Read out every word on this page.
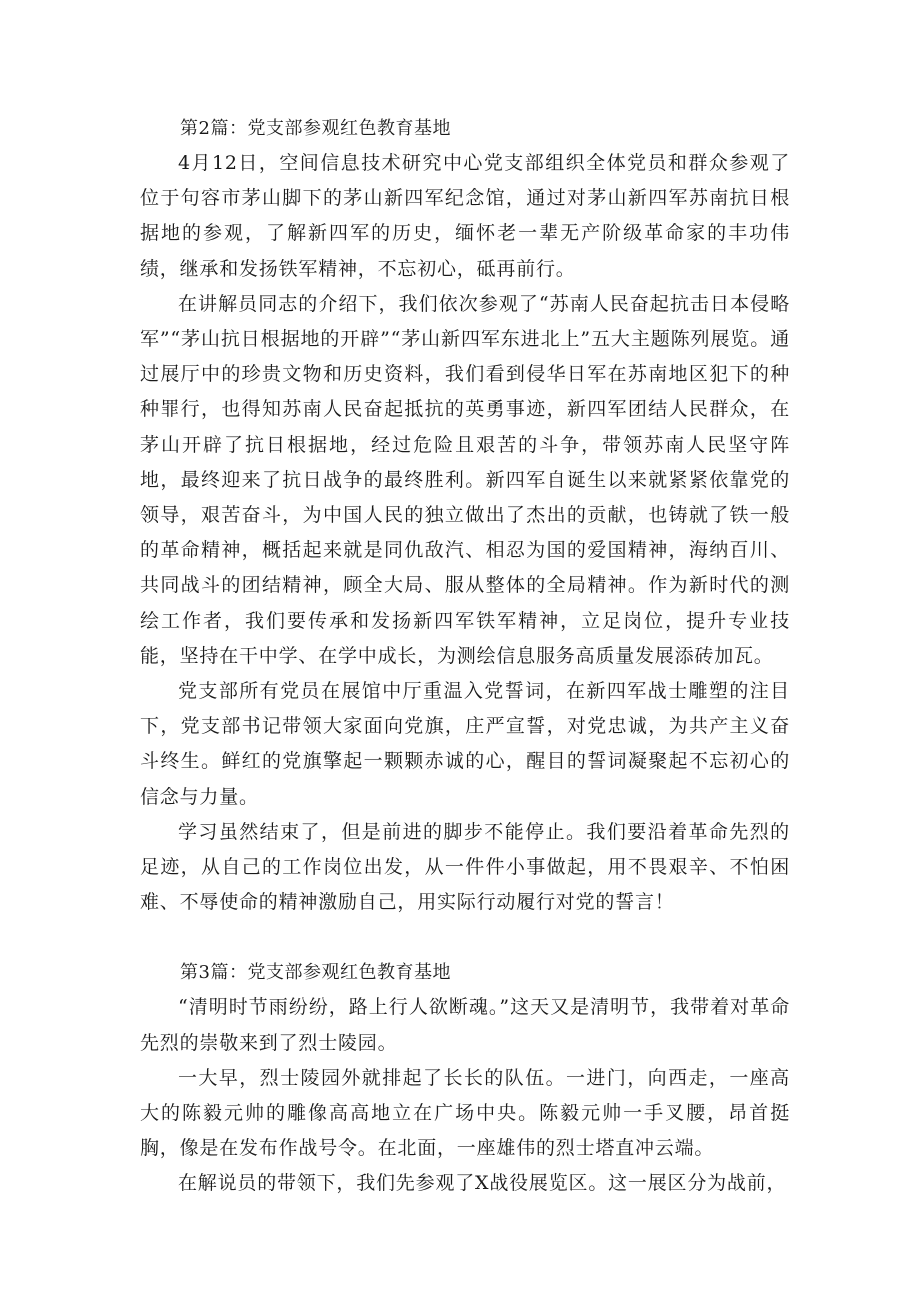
第2篇：党支部参观红色教育基地

4月12日，空间信息技术研究中心党支部组织全体党员和群众参观了位于句容市茅山脚下的茅山新四军纪念馆，通过对茅山新四军苏南抗日根据地的参观，了解新四军的历史，缅怀老一辈无产阶级革命家的丰功伟绩，继承和发扬铁军精神，不忘初心，砥再前行。

在讲解员同志的介绍下，我们依次参观了“苏南人民奋起抗击日本侵略军”“茅山抗日根据地的开辟”“茅山新四军东进北上”五大主题陈列展览。通过展厅中的珍贵文物和历史资料，我们看到侵华日军在苏南地区犯下的种种罪行，也得知苏南人民奋起抵抗的英勇事迹，新四军团结人民群众，在茅山开辟了抗日根据地，经过危险且艰苦的斗争，带领苏南人民坚守阵地，最终迎来了抗日战争的最终胜利。新四军自诞生以来就紧紧依靠党的领导，艰苦奋斗，为中国人民的独立做出了杰出的贡献，也铸就了铁一般的革命精神，概括起来就是同仇敌汽、相忍为国的爱国精神，海纳百川、共同战斗的团结精神，顾全大局、服从整体的全局精神。作为新时代的测绘工作者，我们要传承和发扬新四军铁军精神，立足岗位，提升专业技能，坚持在干中学、在学中成长，为测绘信息服务高质量发展添砖加瓦。

党支部所有党员在展馆中厅重温入党誓词，在新四军战士雕塑的注目下，党支部书记带领大家面向党旗，庄严宣誓，对党忠诚，为共产主义奋斗终生。鲜红的党旗擎起一颗颗赤诚的心，醒目的誓词凝聚起不忘初心的信念与力量。

学习虽然结束了，但是前进的脚步不能停止。我们要沿着革命先烈的足迹，从自己的工作岗位出发，从一件件小事做起，用不畏艰辛、不怕困难、不辱使命的精神激励自己，用实际行动履行对党的誓言！

第3篇：党支部参观红色教育基地

“清明时节雨纷纷，路上行人欲断魂。”这天又是清明节，我带着对革命先烈的崇敬来到了烈士陵园。

一大早，烈士陵园外就排起了长长的队伍。一进门，向西走，一座高大的陈毅元帅的雕像高高地立在广场中央。陈毅元帅一手叉腰，昂首挺胸，像是在发布作战号令。在北面，一座雄伟的烈士塔直冲云端。

在解说员的带领下，我们先参观了X战役展览区。这一展区分为战前，
